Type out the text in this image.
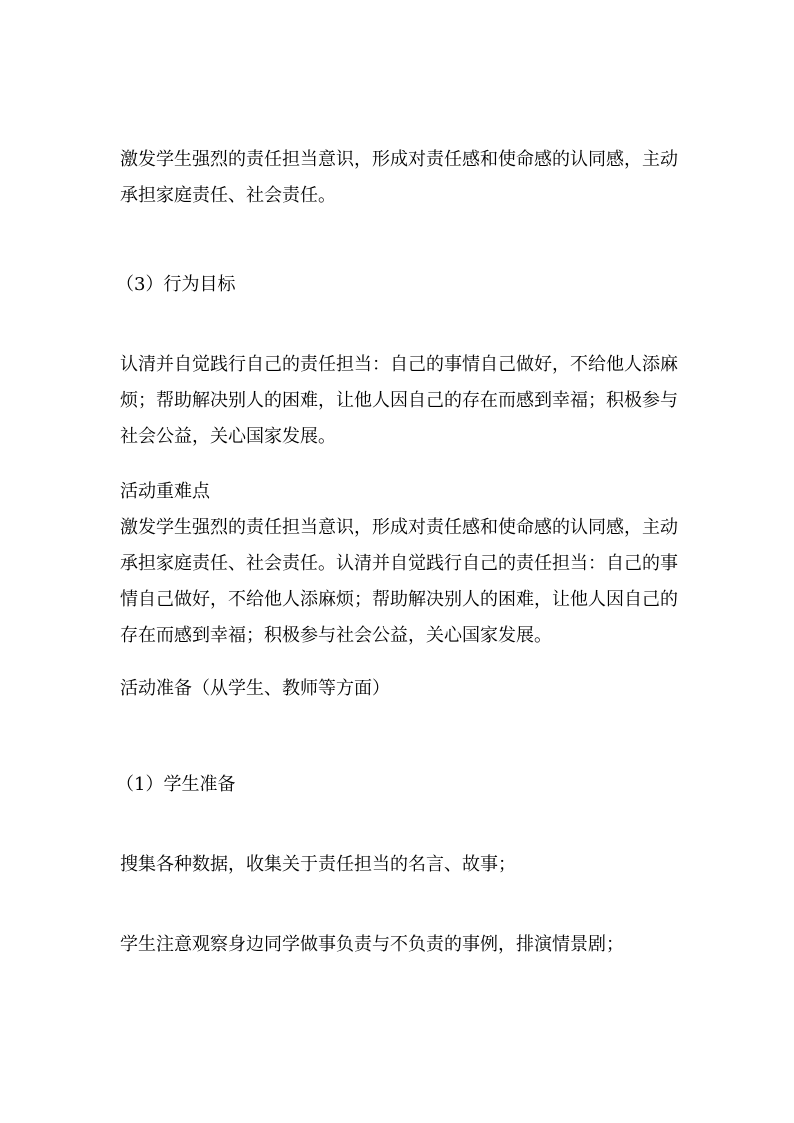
激发学生强烈的责任担当意识，形成对责任感和使命感的认同感，主动承担家庭责任、社会责任。

（3）行为目标

认清并自觉践行自己的责任担当：自己的事情自己做好，不给他人添麻烦；帮助解决别人的困难，让他人因自己的存在而感到幸福；积极参与社会公益，关心国家发展。

活动重难点

激发学生强烈的责任担当意识，形成对责任感和使命感的认同感，主动承担家庭责任、社会责任。认清并自觉践行自己的责任担当：自己的事情自己做好，不给他人添麻烦；帮助解决别人的困难，让他人因自己的存在而感到幸福；积极参与社会公益，关心国家发展。

活动准备（从学生、教师等方面）

（1）学生准备

搜集各种数据，收集关于责任担当的名言、故事；

学生注意观察身边同学做事负责与不负责的事例，排演情景剧；
